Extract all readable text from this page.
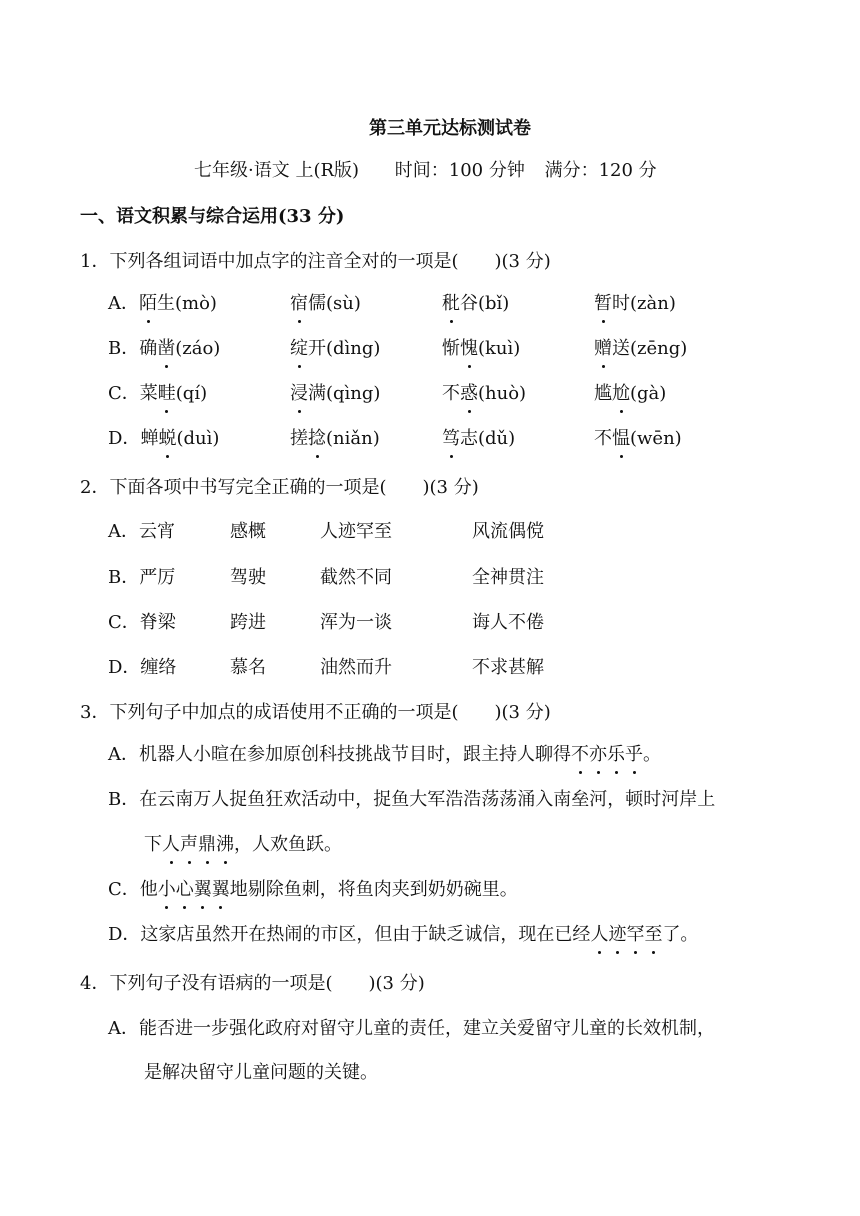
第三单元达标测试卷
七年级·语文 上(R版) 时间：100 分钟 满分：120 分
一、语文积累与综合运用(33 分)
1．下列各组词语中加点字的注音全对的一项是(　　)(3 分)
A．陌生(mò)	宿儒(sù)	秕谷(bǐ)	暂时(zàn)
B．确凿(záo)	绽开(dìng)	惭愧(kuì)	赠送(zēng)
C．菜畦(qí)	浸满(qìng)	不惑(huò)	尴尬(gà)
D．蝉蜕(duì)	搓捻(niǎn)	笃志(dǔ)	不愠(wēn)
2．下面各项中书写完全正确的一项是(　　)(3 分)
A．云宵	感概	人迹罕至	风流偶傥
B．严厉	驾驶	截然不同	全神贯注
C．脊梁	跨进	浑为一谈	诲人不倦
D．缠络	慕名	油然而升	不求甚解
3．下列句子中加点的成语使用不正确的一项是(　　)(3 分)
A．机器人小暄在参加原创科技挑战节目时，跟主持人聊得不亦乐乎。
B．在云南万人捉鱼狂欢活动中，捉鱼大军浩浩荡荡涌入南垒河，顿时河岸上
下人声鼎沸，人欢鱼跃。
C．他小心翼翼地剔除鱼刺，将鱼肉夹到奶奶碗里。
D．这家店虽然开在热闹的市区，但由于缺乏诚信，现在已经人迹罕至了。
4．下列句子没有语病的一项是(　　)(3 分)
A．能否进一步强化政府对留守儿童的责任，建立关爱留守儿童的长效机制，
是解决留守儿童问题的关键。
